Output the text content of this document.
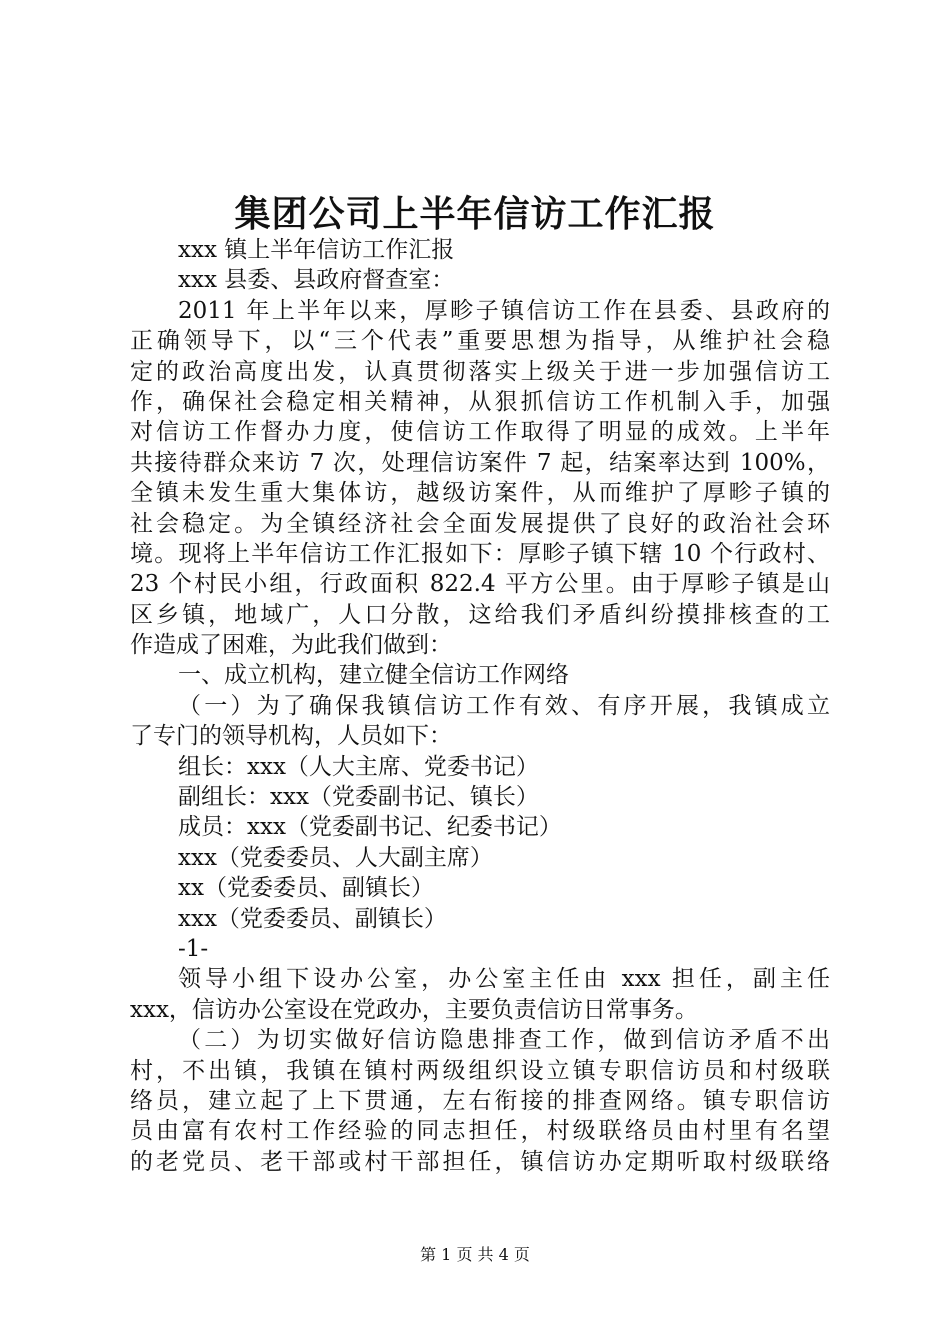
集团公司上半年信访工作汇报
xxx 镇上半年信访工作汇报
xxx 县委、县政府督查室：
2011 年上半年以来，厚畛子镇信访工作在县委、县政府的
正确领导下，以“三个代表”重要思想为指导，从维护社会稳
定的政治高度出发，认真贯彻落实上级关于进一步加强信访工
作，确保社会稳定相关精神，从狠抓信访工作机制入手，加强
对信访工作督办力度，使信访工作取得了明显的成效。上半年
共接待群众来访 7 次，处理信访案件 7 起，结案率达到 100%，
全镇未发生重大集体访，越级访案件，从而维护了厚畛子镇的
社会稳定。为全镇经济社会全面发展提供了良好的政治社会环
境。现将上半年信访工作汇报如下：厚畛子镇下辖 10 个行政村、
23 个村民小组，行政面积 822.4 平方公里。由于厚畛子镇是山
区乡镇，地域广，人口分散，这给我们矛盾纠纷摸排核查的工
作造成了困难，为此我们做到：
一、成立机构，建立健全信访工作网络
（一）为了确保我镇信访工作有效、有序开展，我镇成立
了专门的领导机构，人员如下：
组长：xxx（人大主席、党委书记）
副组长：xxx（党委副书记、镇长）
成员：xxx（党委副书记、纪委书记）
xxx（党委委员、人大副主席）
xx（党委委员、副镇长）
xxx（党委委员、副镇长）
-1-
领导小组下设办公室，办公室主任由 xxx 担任，副主任
xxx，信访办公室设在党政办，主要负责信访日常事务。
（二）为切实做好信访隐患排查工作，做到信访矛盾不出
村，不出镇，我镇在镇村两级组织设立镇专职信访员和村级联
络员，建立起了上下贯通，左右衔接的排查网络。镇专职信访
员由富有农村工作经验的同志担任，村级联络员由村里有名望
的老党员、老干部或村干部担任，镇信访办定期听取村级联络
第 1 页 共 4 页
